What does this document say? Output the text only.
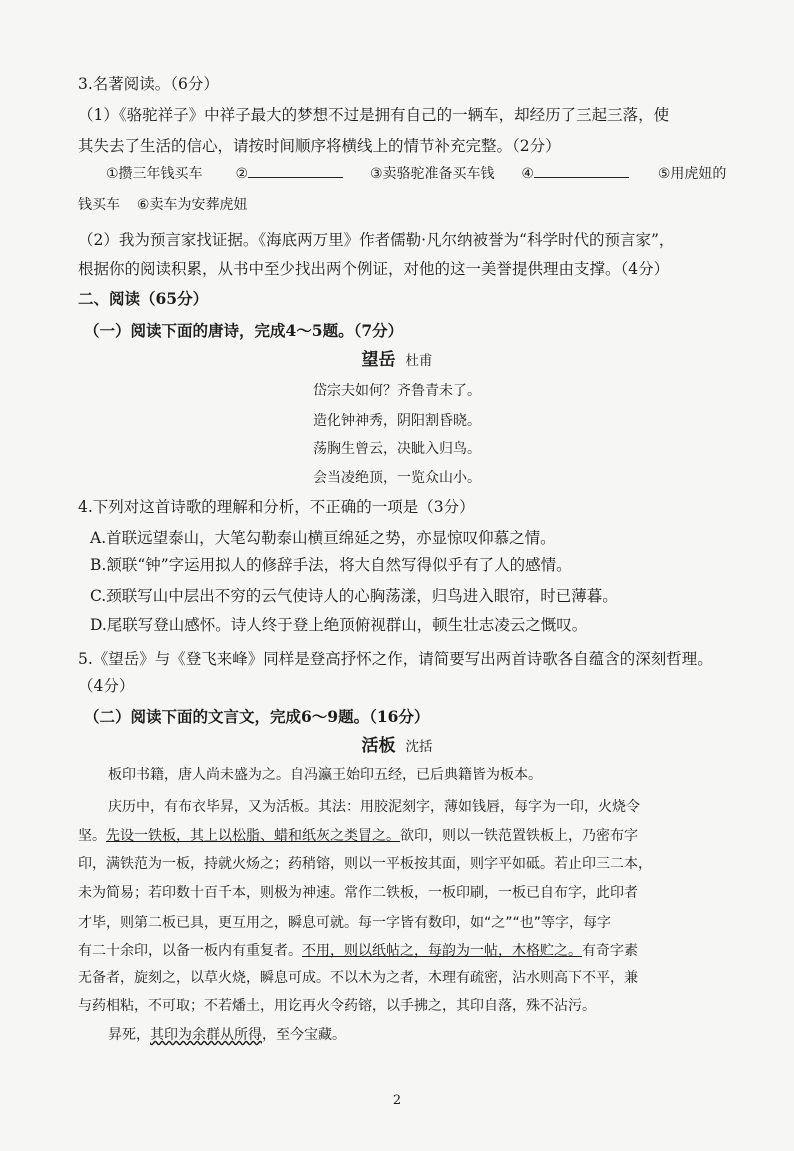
3.名著阅读。（6分）
（1）《骆驼祥子》中祥子最大的梦想不过是拥有自己的一辆车，却经历了三起三落，使
其失去了生活的信心，请按时间顺序将横线上的情节补充完整。（2分）
①攒三年钱买车 ②	③卖骆驼准备买车钱 ④	⑤用虎妞的
钱买车 ⑥卖车为安葬虎妞
（2）我为预言家找证据。《海底两万里》作者儒勒·凡尔纳被誉为“科学时代的预言家”，
根据你的阅读积累，从书中至少找出两个例证，对他的这一美誉提供理由支撑。（4分）
二、阅读（65分）
（一）阅读下面的唐诗，完成4～5题。（7分）
望岳 杜甫
岱宗夫如何？齐鲁青未了。
造化钟神秀，阴阳割昏晓。
荡胸生曾云，决眦入归鸟。
会当凌绝顶，一览众山小。
4.下列对这首诗歌的理解和分析，不正确的一项是（3分）
A.首联远望泰山，大笔勾勒泰山横亘绵延之势，亦显惊叹仰慕之情。
B.颔联“钟”字运用拟人的修辞手法，将大自然写得似乎有了人的感情。
C.颈联写山中层出不穷的云气使诗人的心胸荡漾，归鸟进入眼帘，时已薄暮。
D.尾联写登山感怀。诗人终于登上绝顶俯视群山，顿生壮志凌云之慨叹。
5.《望岳》与《登飞来峰》同样是登高抒怀之作，请简要写出两首诗歌各自蕴含的深刻哲理。
（4分）
（二）阅读下面的文言文，完成6～9题。（16分）
活板 沈括
板印书籍，唐人尚未盛为之。自冯瀛王始印五经，已后典籍皆为板本。
庆历中，有布衣毕昇，又为活板。其法：用胶泥刻字，薄如钱唇，每字为一印，火烧令
坚。先设一铁板，其上以松脂、蜡和纸灰之类冒之。欲印，则以一铁范置铁板上，乃密布字
印，满铁范为一板，持就火炀之；药稍镕，则以一平板按其面，则字平如砥。若止印三二本，
未为简易；若印数十百千本，则极为神速。常作二铁板，一板印刷，一板已自布字，此印者
才毕，则第二板已具，更互用之，瞬息可就。每一字皆有数印，如“之”“也”等字，每字
有二十余印，以备一板内有重复者。不用，则以纸帖之，每韵为一帖，木格贮之。有奇字素
无备者，旋刻之，以草火烧，瞬息可成。不以木为之者，木理有疏密，沾水则高下不平，兼
与药相粘，不可取；不若燔土，用讫再火令药镕，以手拂之，其印自落，殊不沾污。
昇死，其印为余群从所得，至今宝藏。
2
